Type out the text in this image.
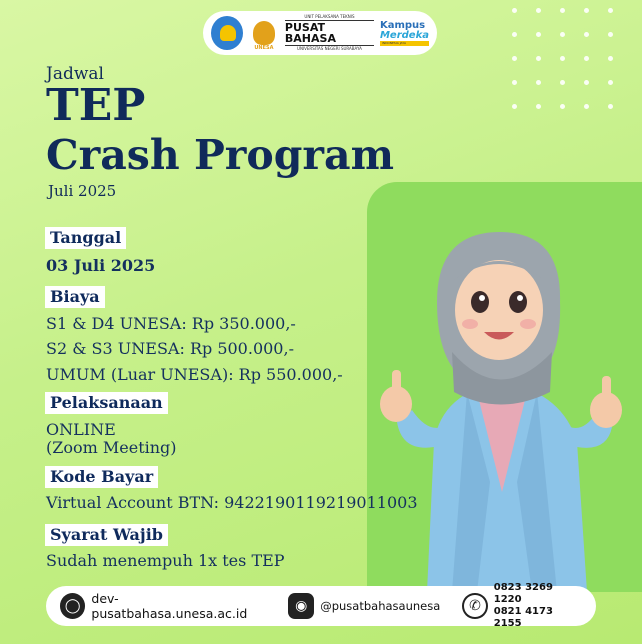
UNESA
UNIT PELAKSANA TEKNIS
PUSAT BAHASA
UNIVERSITAS NEGERI SURABAYA
Kampus
Merdeka
INDONESIA JAYA
Jadwal
TEP
Crash Program
Juli 2025
Tanggal
03 Juli 2025
Biaya
S1 & D4 UNESA: Rp 350.000,-
S2 & S3 UNESA: Rp 500.000,-
UMUM (Luar UNESA): Rp 550.000,-
Pelaksanaan
ONLINE
(Zoom Meeting)
Kode Bayar
Virtual Account BTN: 9422190119219011003
Syarat Wajib
Sudah menempuh 1x tes TEP
◯ dev-pusatbahasa.unesa.ac.id	◉	@pusatbahasaunesa	✆
0823 3269 1220
0821 4173 2155
